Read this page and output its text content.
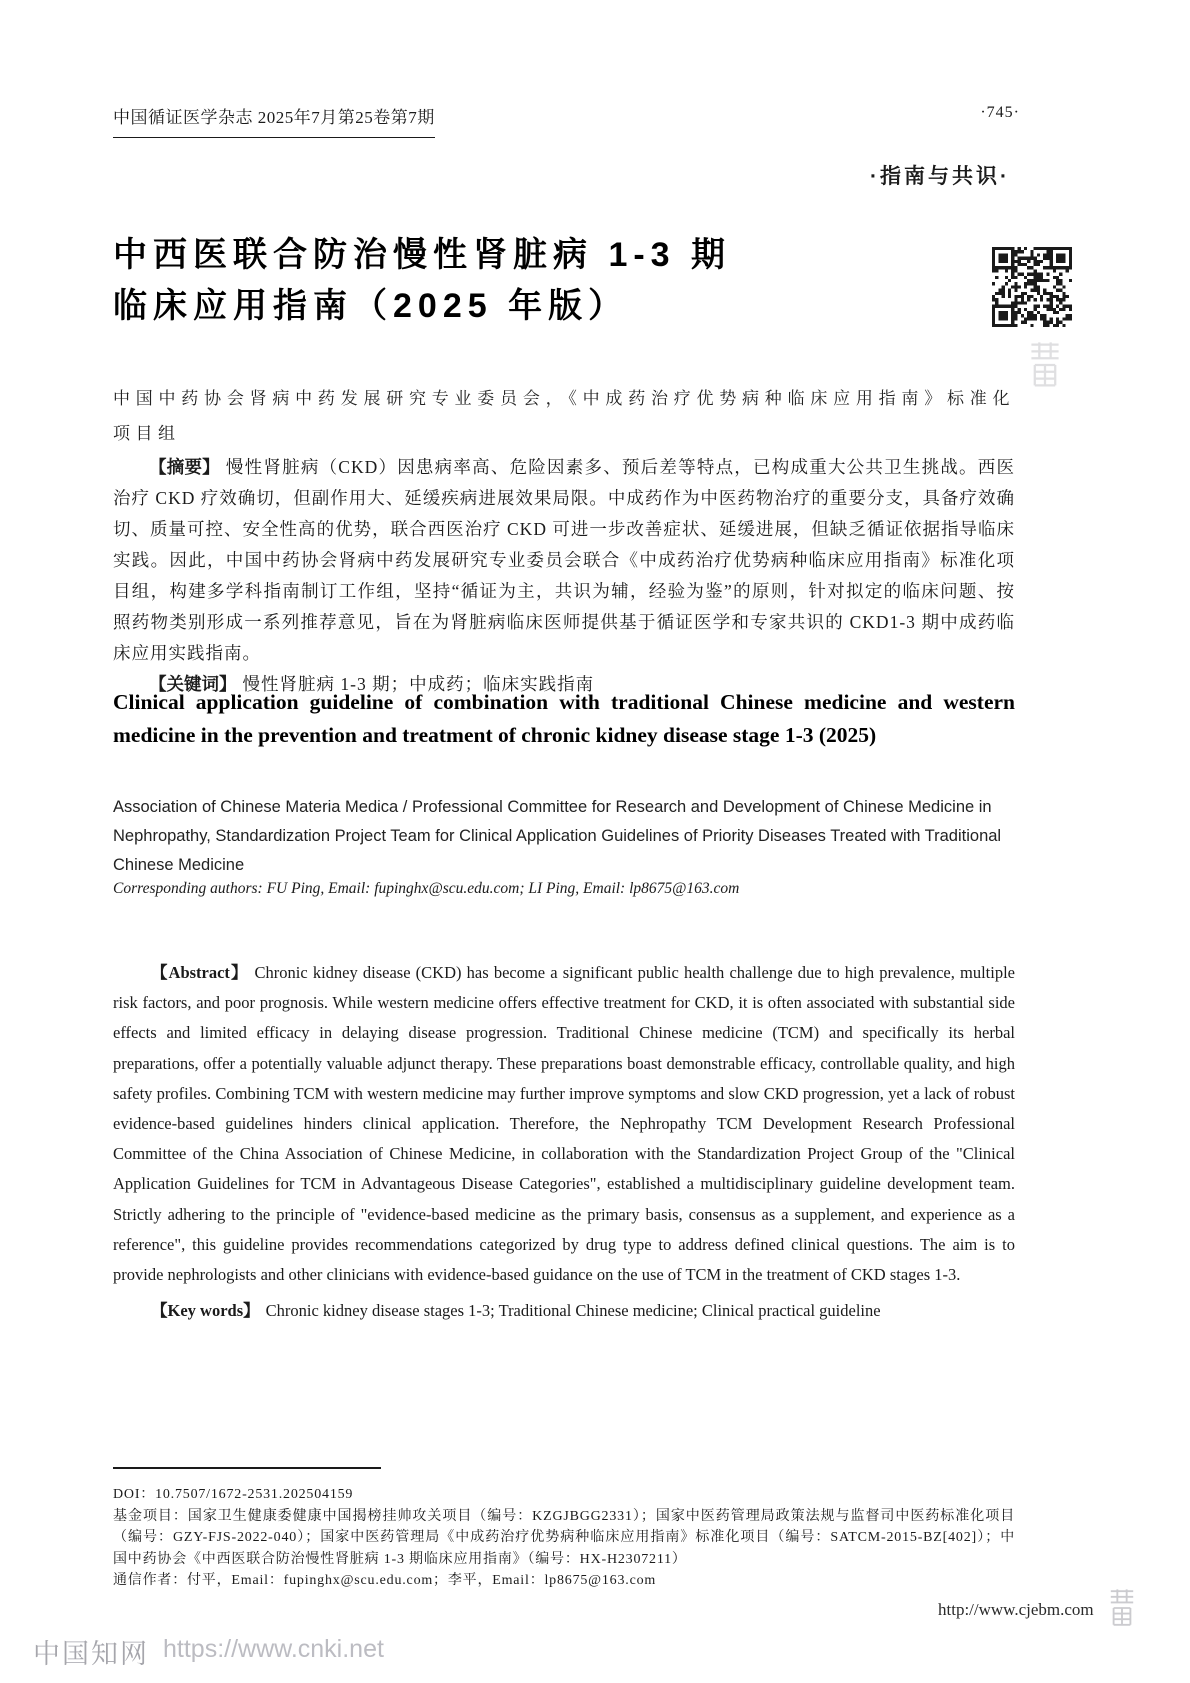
中国循证医学杂志 2025年7月第25卷第7期	·745·
·指南与共识·
中西医联合防治慢性肾脏病 1-3 期
临床应用指南（2025 年版）
中国中药协会肾病中药发展研究专业委员会，《中成药治疗优势病种临床应用指南》标准化项目组

【摘要】 慢性肾脏病（CKD）因患病率高、危险因素多、预后差等特点，已构成重大公共卫生挑战。西医治疗 CKD 疗效确切，但副作用大、延缓疾病进展效果局限。中成药作为中医药物治疗的重要分支，具备疗效确切、质量可控、安全性高的优势，联合西医治疗 CKD 可进一步改善症状、延缓进展，但缺乏循证依据指导临床实践。因此，中国中药协会肾病中药发展研究专业委员会联合《中成药治疗优势病种临床应用指南》标准化项目组，构建多学科指南制订工作组，坚持“循证为主，共识为辅，经验为鉴”的原则，针对拟定的临床问题、按照药物类别形成一系列推荐意见，旨在为肾脏病临床医师提供基于循证医学和专家共识的 CKD1-3 期中成药临床应用实践指南。

【关键词】 慢性肾脏病 1-3 期；中成药；临床实践指南

Clinical application guideline of combination with traditional Chinese medicine and western medicine in the prevention and treatment of chronic kidney disease stage 1-3 (2025)
Association of Chinese Materia Medica / Professional Committee for Research and Development of Chinese Medicine in Nephropathy, Standardization Project Team for Clinical Application Guidelines of Priority Diseases Treated with Traditional Chinese Medicine
Corresponding authors: FU Ping, Email: fupinghx@scu.edu.com; LI Ping, Email: lp8675@163.com

【Abstract】 Chronic kidney disease (CKD) has become a significant public health challenge due to high prevalence, multiple risk factors, and poor prognosis. While western medicine offers effective treatment for CKD, it is often associated with substantial side effects and limited efficacy in delaying disease progression. Traditional Chinese medicine (TCM) and specifically its herbal preparations, offer a potentially valuable adjunct therapy. These preparations boast demonstrable efficacy, controllable quality, and high safety profiles. Combining TCM with western medicine may further improve symptoms and slow CKD progression, yet a lack of robust evidence-based guidelines hinders clinical application. Therefore, the Nephropathy TCM Development Research Professional Committee of the China Association of Chinese Medicine, in collaboration with the Standardization Project Group of the "Clinical Application Guidelines for TCM in Advantageous Disease Categories", established a multidisciplinary guideline development team. Strictly adhering to the principle of "evidence-based medicine as the primary basis, consensus as a supplement, and experience as a reference", this guideline provides recommendations categorized by drug type to address defined clinical questions. The aim is to provide nephrologists and other clinicians with evidence-based guidance on the use of TCM in the treatment of CKD stages 1-3.

【Key words】 Chronic kidney disease stages 1-3; Traditional Chinese medicine; Clinical practical guideline

DOI：10.7507/1672-2531.202504159

基金项目：国家卫生健康委健康中国揭榜挂帅攻关项目（编号：KZGJBGG2331）；国家中医药管理局政策法规与监督司中医药标准化项目（编号：GZY-FJS-2022-040）；国家中医药管理局《中成药治疗优势病种临床应用指南》标准化项目（编号：SATCM-2015-BZ[402]）；中国中药协会《中西医联合防治慢性肾脏病 1-3 期临床应用指南》（编号：HX-H2307211）

通信作者：付平，Email：fupinghx@scu.edu.com；李平，Email：lp8675@163.com

http://www.cjebm.com
中国知网 https://www.cnki.net
